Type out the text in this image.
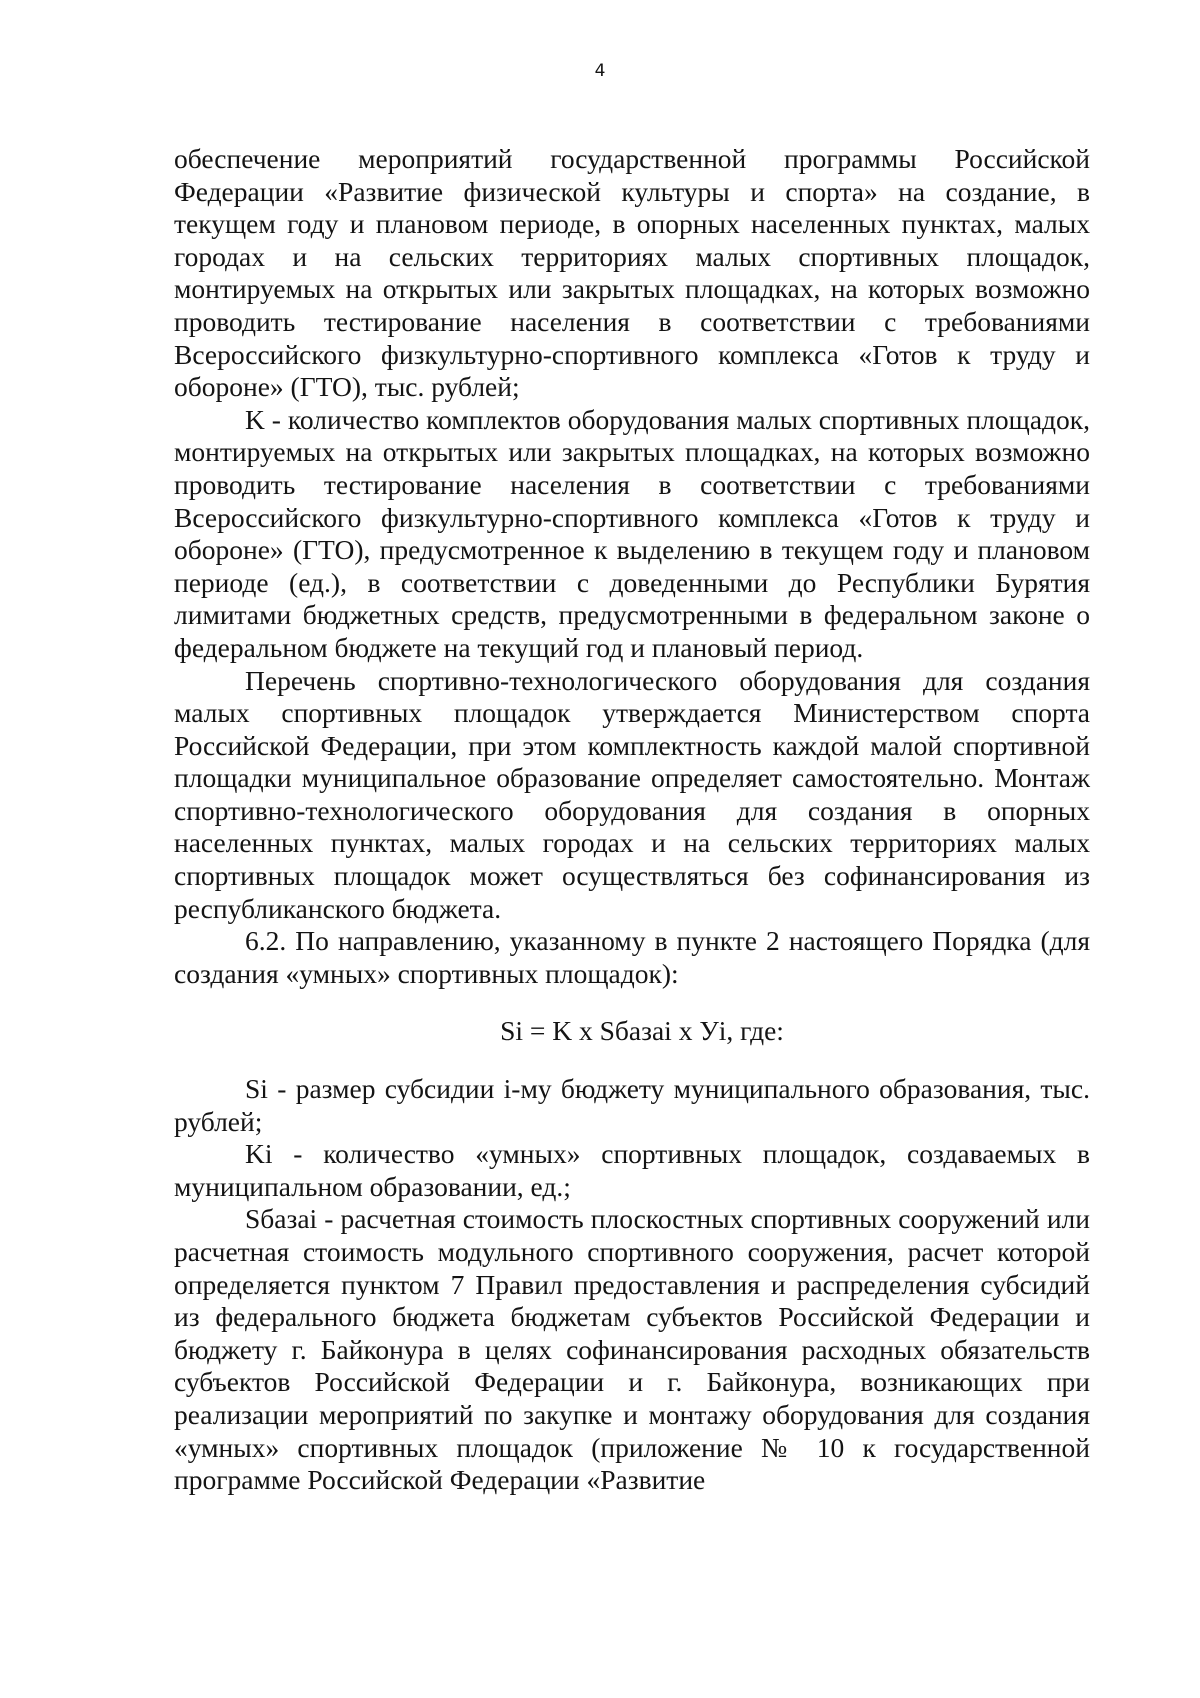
4

обеспечение мероприятий государственной программы Российской Федерации «Развитие физической культуры и спорта» на создание, в текущем году и плановом периоде, в опорных населенных пунктах, малых городах и на сельских территориях малых спортивных площадок, монтируемых на открытых или закрытых площадках, на которых возможно проводить тестирование населения в соответствии с требованиями Всероссийского физкультурно-спортивного комплекса «Готов к труду и обороне» (ГТО), тыс. рублей;

K - количество комплектов оборудования малых спортивных площадок, монтируемых на открытых или закрытых площадках, на которых возможно проводить тестирование населения в соответствии с требованиями Всероссийского физкультурно-спортивного комплекса «Готов к труду и обороне» (ГТО), предусмотренное к выделению в текущем году и плановом периоде (ед.), в соответствии с доведенными до Республики Бурятия лимитами бюджетных средств, предусмотренными в федеральном законе о федеральном бюджете на текущий год и плановый период.

Перечень спортивно-технологического оборудования для создания малых спортивных площадок утверждается Министерством спорта Российской Федерации, при этом комплектность каждой малой спортивной площадки муниципальное образование определяет самостоятельно. Монтаж спортивно-технологического оборудования для создания в опорных населенных пунктах, малых городах и на сельских территориях малых спортивных площадок может осуществляться без софинансирования из республиканского бюджета.

6.2. По направлению, указанному в пункте 2 настоящего Порядка (для создания «умных» спортивных площадок):

Si = K x Sбазаi x Уi, где:

Si - размер субсидии i-му бюджету муниципального образования, тыс. рублей;

Ki - количество «умных» спортивных площадок, создаваемых в муниципальном образовании, ед.;

Sбазаi - расчетная стоимость плоскостных спортивных сооружений или расчетная стоимость модульного спортивного сооружения, расчет которой определяется пунктом 7 Правил предоставления и распределения субсидий из федерального бюджета бюджетам субъектов Российской Федерации и бюджету г. Байконура в целях софинансирования расходных обязательств субъектов Российской Федерации и г. Байконура, возникающих при реализации мероприятий по закупке и монтажу оборудования для создания «умных» спортивных площадок (приложение № 10 к государственной программе Российской Федерации «Развитие
